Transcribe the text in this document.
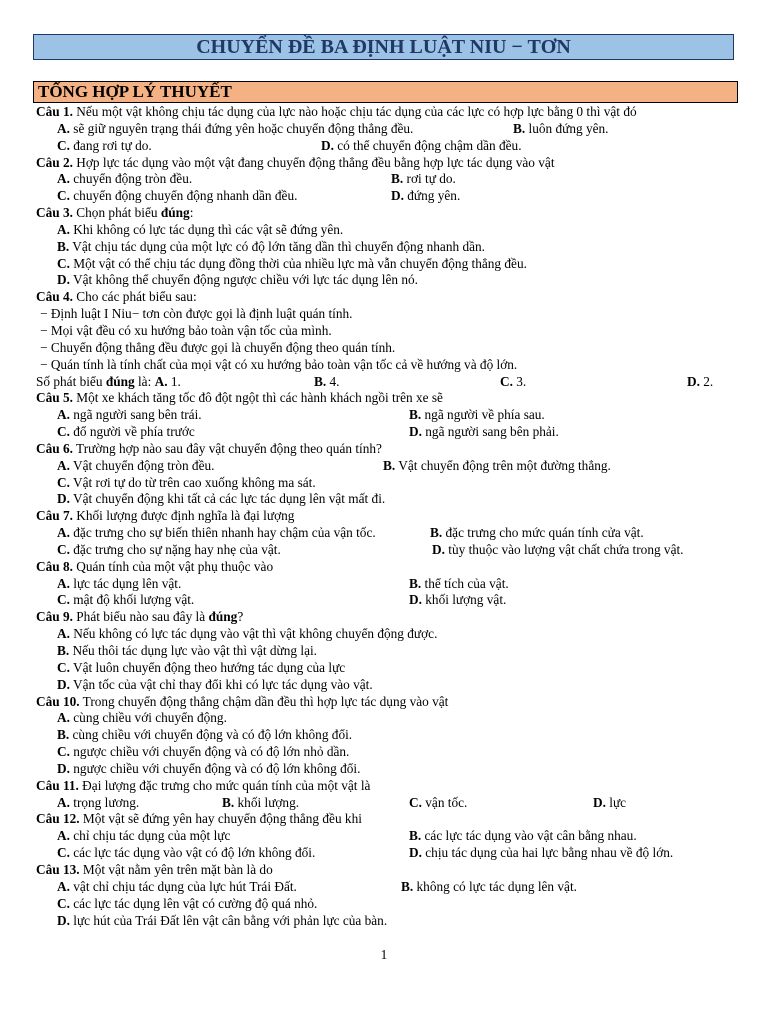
CHUYỂN ĐỀ BA ĐỊNH LUẬT NIU − TƠN
TỔNG HỢP LÝ THUYẾT
Câu 1. Nếu một vật không chịu tác dụng của lực nào hoặc chịu tác dụng của các lực có hợp lực bằng 0 thì vật đó
A. sẽ giữ nguyên trạng thái đứng yên hoặc chuyển động thẳng đều.	B. luôn đứng yên.
C. đang rơi tự do.	D. có thể chuyển động chậm dần đều.
Câu 2. Hợp lực tác dụng vào một vật đang chuyển động thẳng đều bằng hợp lực tác dụng vào vật
A. chuyển động tròn đều.	B. rơi tự do.
C. chuyển động chuyển động nhanh dần đều.	D. đứng yên.
Câu 3. Chọn phát biểu đúng:
A. Khi không có lực tác dụng thì các vật sẽ đứng yên.
B. Vật chịu tác dụng của một lực có độ lớn tăng dần thì chuyển động nhanh dần.
C. Một vật có thể chịu tác dụng đồng thời của nhiều lực mà vẫn chuyển động thẳng đều.
D. Vật không thể chuyển động ngược chiều với lực tác dụng lên nó.
Câu 4. Cho các phát biểu sau:
− Định luật I Niu− tơn còn được gọi là định luật quán tính.
− Mọi vật đều có xu hướng bảo toàn vận tốc của mình.
− Chuyển động thẳng đều được gọi là chuyển động theo quán tính.
− Quán tính là tính chất của mọi vật có xu hướng bảo toàn vận tốc cả về hướng và độ lớn.
Số phát biểu đúng là: A. 1.	B. 4.	C. 3.	D. 2.
Câu 5. Một xe khách tăng tốc đô đột ngột thì các hành khách ngồi trên xe sẽ
A. ngã người sang bên trái.	B. ngã người về phía sau.
C. đổ người về phía trước	D. ngã người sang bên phải.
Câu 6. Trường hợp nào sau đây vật chuyển động theo quán tính?
A. Vật chuyển động tròn đều.	B. Vật chuyển động trên một đường thẳng.
C. Vật rơi tự do từ trên cao xuống không ma sát.
D. Vật chuyển động khi tất cả các lực tác dụng lên vật mất đi.
Câu 7. Khối lượng được định nghĩa là đại lượng
A. đặc trưng cho sự biến thiên nhanh hay chậm của vận tốc.	B. đặc trưng cho mức quán tính cửa vật.
C. đặc trưng cho sự nặng hay nhẹ của vật.	D. tùy thuộc vào lượng vật chất chứa trong vật.
Câu 8. Quán tính của một vật phụ thuộc vào
A. lực tác dụng lên vật.	B. thể tích của vật.
C. mật độ khối lượng vật.	D. khối lượng vật.
Câu 9. Phát biểu nào sau đây là đúng?
A. Nếu không có lực tác dụng vào vật thì vật không chuyển động được.
B. Nếu thôi tác dụng lực vào vật thì vật dừng lại.
C. Vật luôn chuyển động theo hướng tác dụng của lực
D. Vận tốc của vật chỉ thay đổi khi có lực tác dụng vào vật.
Câu 10. Trong chuyển động thẳng chậm dần đều thì hợp lực tác dụng vào vật
A. cùng chiều với chuyển động.
B. cùng chiều với chuyển động và có độ lớn không đổi.
C. ngược chiều với chuyển động và có độ lớn nhỏ dần.
D. ngược chiều với chuyển động và có độ lớn không đổi.
Câu 11. Đại lượng đặc trưng cho mức quán tính của một vật là
A. trọng lương.	B. khối lượng.	C. vận tốc.	D. lực
Câu 12. Một vật sẽ đứng yên hay chuyển động thẳng đều khi
A. chỉ chịu tác dụng của một lực	B. các lực tác dụng vào vật cân bằng nhau.
C. các lực tác dụng vào vật có độ lớn không đổi.	D. chịu tác dụng của hai lực bằng nhau về độ lớn.
Câu 13. Một vật nằm yên trên mặt bàn là do
A. vật chỉ chịu tác dụng của lực hút Trái Đất.	B. không có lực tác dụng lên vật.
C. các lực tác dụng lên vật có cường độ quá nhỏ.
D. lực hút của Trái Đất lên vật cân bằng với phản lực của bàn.
1
